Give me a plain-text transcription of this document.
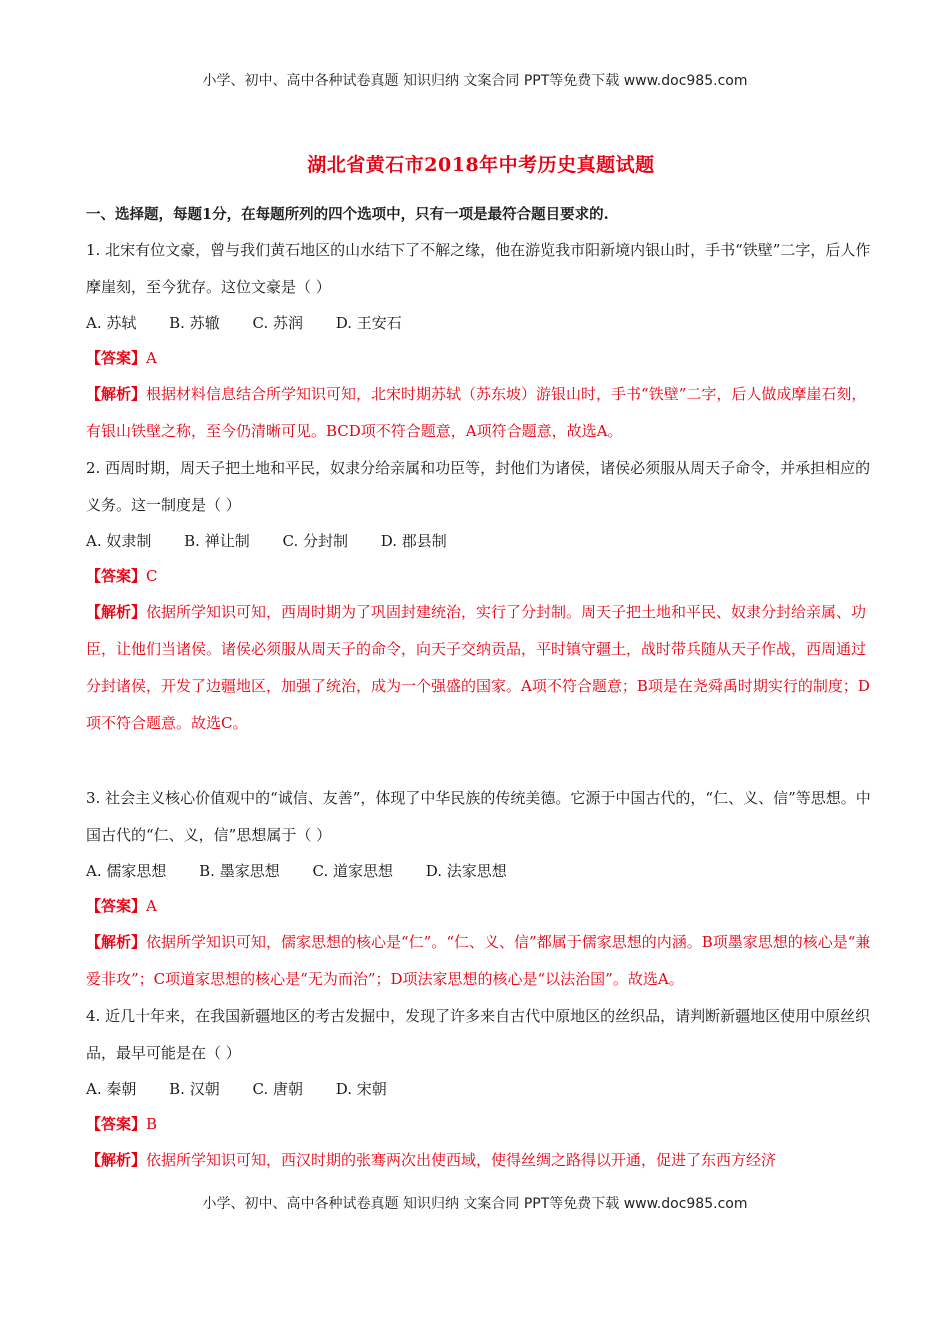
小学、初中、高中各种试卷真题 知识归纳 文案合同 PPT等免费下载 www.doc985.com
湖北省黄石市2018年中考历史真题试题
一、选择题，每题1分，在每题所列的四个选项中，只有一项是最符合题目要求的.
1. 北宋有位文豪，曾与我们黄石地区的山水结下了不解之缘，他在游览我市阳新境内银山时，手书“铁壁”二字，后人作摩崖刻，至今犹存。这位文豪是（ ）
A. 苏轼 B. 苏辙 C. 苏润 D. 王安石
【答案】A
【解析】根据材料信息结合所学知识可知，北宋时期苏轼（苏东坡）游银山时，手书“铁壁”二字，后人做成摩崖石刻，有银山铁壁之称，至今仍清晰可见。BCD项不符合题意，A项符合题意，故选A。
2. 西周时期，周天子把土地和平民，奴隶分给亲属和功臣等，封他们为诸侯，诸侯必须服从周天子命令，并承担相应的义务。这一制度是（ ）
A. 奴隶制 B. 禅让制 C. 分封制 D. 郡县制
【答案】C
【解析】依据所学知识可知，西周时期为了巩固封建统治，实行了分封制。周天子把土地和平民、奴隶分封给亲属、功臣，让他们当诸侯。诸侯必须服从周天子的命令，向天子交纳贡品，平时镇守疆土，战时带兵随从天子作战，西周通过分封诸侯，开发了边疆地区，加强了统治，成为一个强盛的国家。A项不符合题意；B项是在尧舜禹时期实行的制度；D项不符合题意。故选C。
3. 社会主义核心价值观中的“诚信、友善”，体现了中华民族的传统美德。它源于中国古代的，“仁、义、信”等思想。中国古代的“仁、义，信”思想属于（ ）
A. 儒家思想 B. 墨家思想 C. 道家思想 D. 法家思想
【答案】A
【解析】依据所学知识可知，儒家思想的核心是“仁”。“仁、义、信”都属于儒家思想的内涵。B项墨家思想的核心是“兼爱非攻”；C项道家思想的核心是“无为而治”；D项法家思想的核心是“以法治国”。故选A。
4. 近几十年来，在我国新疆地区的考古发掘中，发现了许多来自古代中原地区的丝织品，请判断新疆地区使用中原丝织品，最早可能是在（ ）
A. 秦朝 B. 汉朝 C. 唐朝 D. 宋朝
【答案】B
【解析】依据所学知识可知，西汉时期的张骞两次出使西域，使得丝绸之路得以开通，促进了东西方经济
小学、初中、高中各种试卷真题 知识归纳 文案合同 PPT等免费下载 www.doc985.com
